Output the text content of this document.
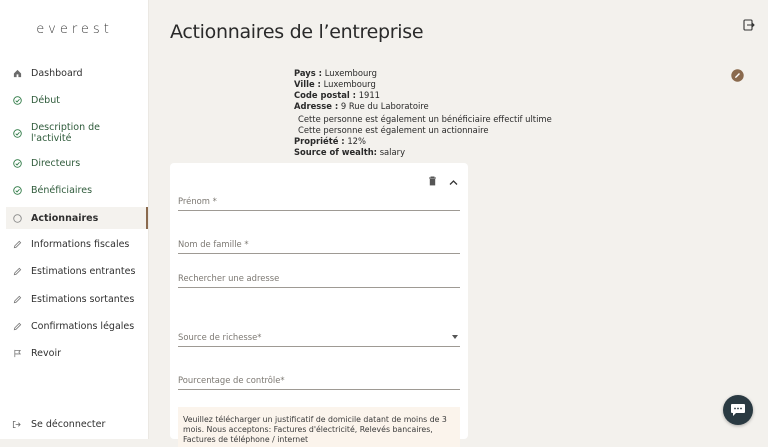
everest
Dashboard
Début
Description de l'activité
Directeurs
Bénéficiaires
Actionnaires
Informations fiscales
Estimations entrantes
Estimations sortantes
Confirmations légales
Revoir
Se déconnecter
Actionnaires de l’entreprise
Pays : Luxembourg
Ville : Luxembourg
Code postal : 1911
Adresse : 9 Rue du Laboratoire
Cette personne est également un bénéficiaire effectif ultime
Cette personne est également un actionnaire
Propriété : 12%
Source of wealth: salary
Prénom *
Nom de famille *
Rechercher une adresse
Source de richesse*
Pourcentage de contrôle*
Veuillez télécharger un justificatif de domicile datant de moins de 3 mois. Nous acceptons: Factures d'électricité, Relevés bancaires, Factures de téléphone / internet
